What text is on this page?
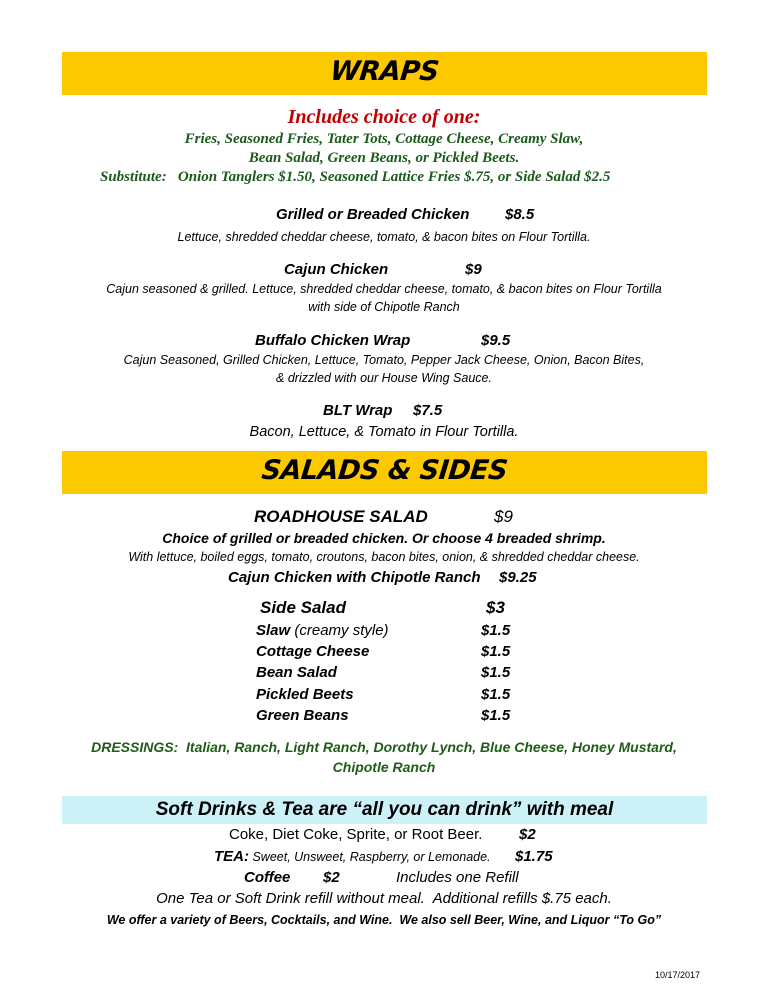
WRAPS
Includes choice of one:
Fries, Seasoned Fries, Tater Tots, Cottage Cheese, Creamy Slaw,
Bean Salad, Green Beans, or Pickled Beets.
Substitute:   Onion Tanglers $1.50, Seasoned Lattice Fries $.75, or Side Salad $2.5
Grilled or Breaded Chicken $8.5
Lettuce, shredded cheddar cheese, tomato, & bacon bites on Flour Tortilla.
Cajun Chicken	$9
Cajun seasoned & grilled. Lettuce, shredded cheddar cheese, tomato, & bacon bites on Flour Tortilla
with side of Chipotle Ranch
Buffalo Chicken Wrap	$9.5
Cajun Seasoned, Grilled Chicken, Lettuce, Tomato, Pepper Jack Cheese, Onion, Bacon Bites,
& drizzled with our House Wing Sauce.
BLT Wrap $7.5
Bacon, Lettuce, & Tomato in Flour Tortilla.
SALADS & SIDES
ROADHOUSE SALAD	$9
Choice of grilled or breaded chicken. Or choose 4 breaded shrimp.
With lettuce, boiled eggs, tomato, croutons, bacon bites, onion, & shredded cheddar cheese.
Cajun Chicken with Chipotle Ranch $9.25
Side Salad	$3
Slaw (creamy style)	$1.5
Cottage Cheese	$1.5
Bean Salad	$1.5
Pickled Beets	$1.5
Green Beans	$1.5
DRESSINGS:  Italian, Ranch, Light Ranch, Dorothy Lynch, Blue Cheese, Honey Mustard,
Chipotle Ranch
Soft Drinks & Tea are “all you can drink” with meal
Coke, Diet Coke, Sprite, or Root Beer. $2
TEA: Sweet, Unsweet, Raspberry, or Lemonade. $1.75
Coffee $2	Includes one Refill
One Tea or Soft Drink refill without meal.  Additional refills $.75 each.
We offer a variety of Beers, Cocktails, and Wine.  We also sell Beer, Wine, and Liquor “To Go”
10/17/2017
